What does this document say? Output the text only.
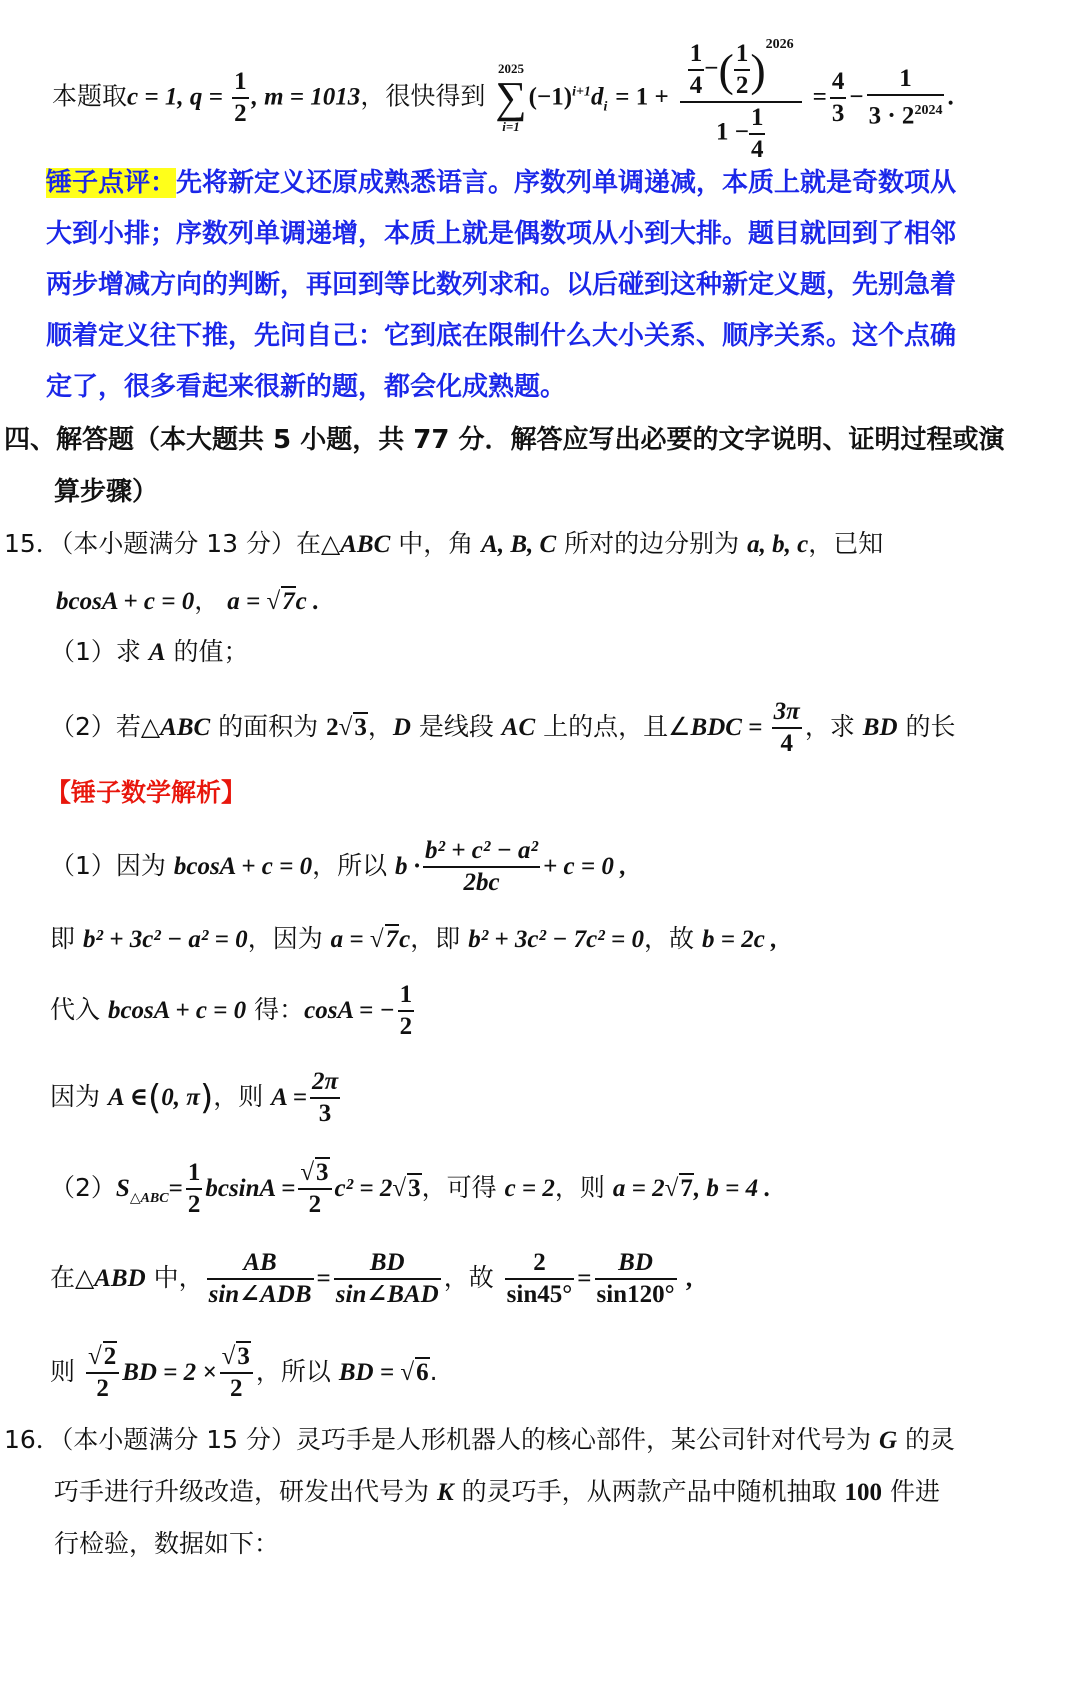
本题取c = 1, $q = \frac{1}{2}$ , m = 1013，很快得到
2025
∑
i=1
$(-1)^{i+1}d_i = 1 + \frac{\frac{1}{4} -( \frac{1}{2} )^{2026}}{1 - \frac{1}{4}} = \frac{4}{3} - \frac{1}{3 \cdot 2^{2024}}$ .
锤子点评：先将新定义还原成熟悉语言。序数列单调递减，本质上就是奇数项从
大到小排；序数列单调递增，本质上就是偶数项从小到大排。题目就回到了相邻
两步增减方向的判断，再回到等比数列求和。以后碰到这种新定义题，先别急着
顺着定义往下推，先问自己：它到底在限制什么大小关系、顺序关系。这个点确
定了，很多看起来很新的题，都会化成熟题。
四、解答题（本大题共 5 小题，共 77 分．解答应写出必要的文字说明、证明过程或演
算步骤）
15．（本小题满分 13 分）在△ABC 中，角 A, B, C 所对的边分别为 a, b, c，已知
bcosA + c = 0， a = √7c .
（1）求 A 的值；
（2）若△ABC 的面积为 2√3，D 是线段 AC 上的点，且∠BDC = $\frac{3\pi}{4}$ ，求 BD 的长
【锤子数学解析】
（1）因为 bcosA + c = 0，所以 $b \cdot \frac{\text{b² + c² − a²}}{2bc} + c = 0$ ,
即 b² + 3c² − a² = 0，因为 a = √7c，即 b² + 3c² − 7c² = 0，故 b = 2c ,
代入 bcosA + c = 0 得：cosA = − $\frac{1}{2}$
因为 A ∈(0, π)，则 $A = \frac{2\pi}{3}$
$(2)S_{\triangle ABC}= \frac{1}{2}$ $bcsinA = \frac{√3}{2} c^2 = 2√3$，可得 c = 2，则 a = 2√7, b = 4 .
在△ABD 中， $\frac{AB}{\text{sin∠ADB}} = \frac{BD}{\text{sin∠BAD}}$ ，故 $\frac{2}{\sin 45^\circ} = \frac{BD}{\sin 120^\circ}$ ,
则 $\frac{√2}{2}$ BD = $2 \times \frac{√3}{2}$ ，所以 BD = √6.
16．（本小题满分 15 分）灵巧手是人形机器人的核心部件，某公司针对代号为 G 的灵
巧手进行升级改造，研发出代号为 K 的灵巧手，从两款产品中随机抽取 100 件进
行检验，数据如下：
